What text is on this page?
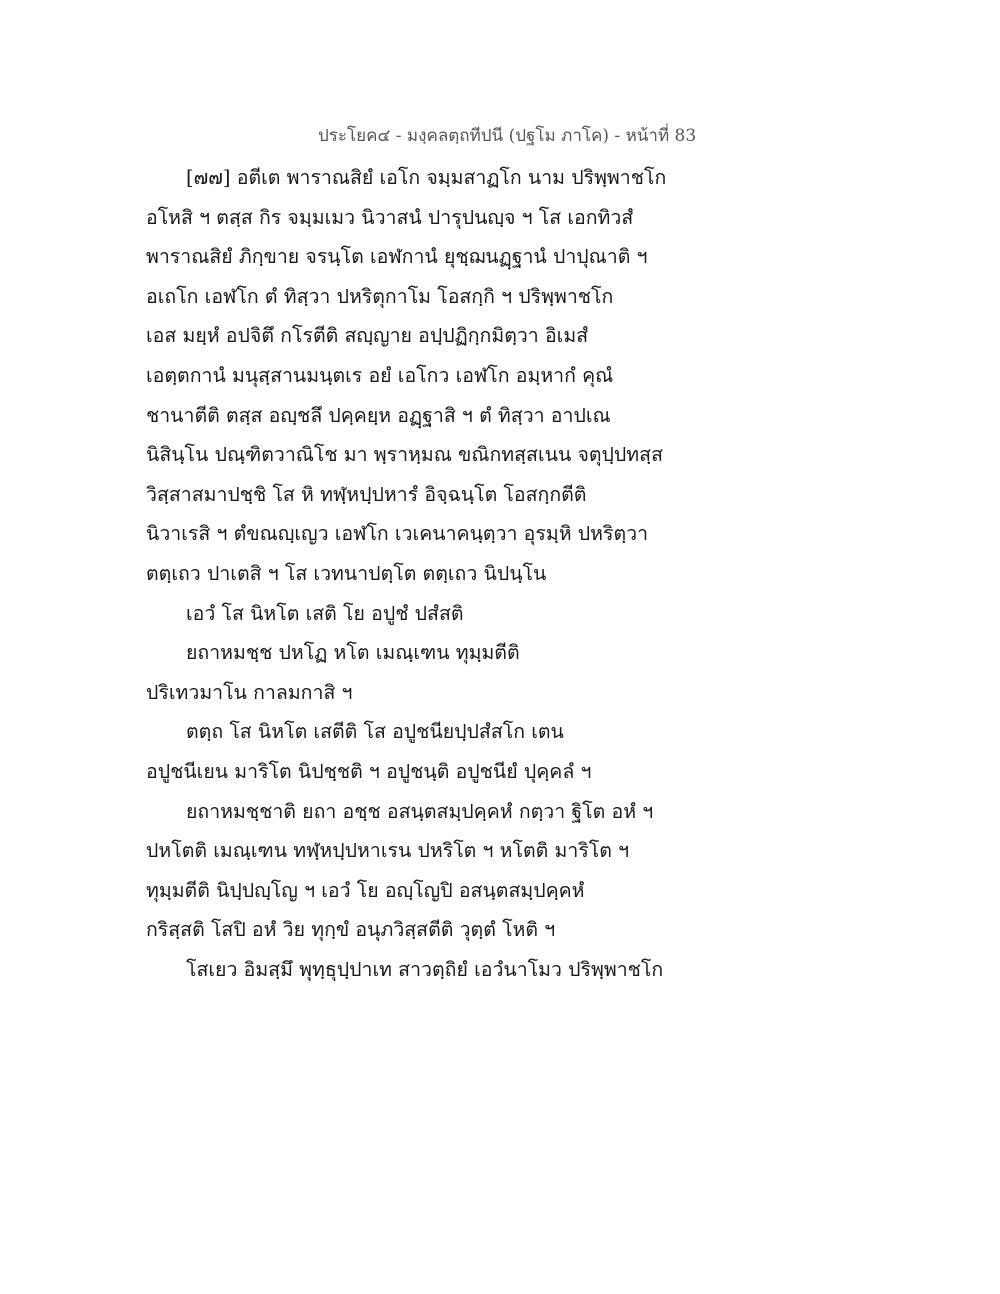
ประโยค๔ - มงฺคลตฺถทีปนี (ปฐโม ภาโค) - หน้าที่ 83
[๗๗] อตีเต พาราณสิยํ เอโก จมฺมสาฏโก นาม ปริพฺพาชโก
อโหสิ ฯ ตสฺส กิร จมฺมเมว นิวาสนํ ปารุปนญฺจ ฯ โส เอกทิวสํ
พาราณสิยํ ภิกฺขาย จรนฺโต เอฬกานํ ยุชฺฌนฏฺฐานํ ปาปุณาติ ฯ
อเถโก เอฬโก ตํ ทิสฺวา ปหริตุกาโม โอสกฺกิ ฯ ปริพฺพาชโก
เอส มยฺหํ อปจิตึ กโรตีติ สญฺญาย อปฺปฏิกฺกมิตฺวา อิเมสํ
เอตฺตกานํ มนุสฺสานมนฺตเร อยํ เอโกว เอฬโก อมฺหากํ คุณํ
ชานาตีติ ตสฺส อญฺชลึ ปคฺคยฺห อฏฺฐาสิ ฯ ตํ ทิสฺวา อาปเณ
นิสินฺโน ปณฺฑิตวาณิโช มา พฺราหฺมณ ขณิกทสฺสเนน จตุปฺปทสฺส
วิสฺสาสมาปชฺชิ โส หิ ทฬฺหปฺปหารํ อิจฺฉนฺโต โอสกฺกตีติ
นิวาเรสิ ฯ ตํขณญฺเญว เอฬโก เวเคนาคนฺตฺวา อุรมฺหิ ปหริตฺวา
ตตฺเถว ปาเตสิ ฯ โส เวทนาปตฺโต ตตฺเถว นิปนฺโน
เอวํ โส นิหโต เสติ โย อปูชํ ปสํสติ
ยถาหมชฺช ปหโฏ หโต เมณฺเฑน ทุมฺมตีติ
ปริเทวมาโน กาลมกาสิ ฯ
ตตฺถ โส นิหโต เสตีติ โส อปูชนียปฺปสํสโก เตน
อปูชนีเยน มาริโต นิปชฺชติ ฯ อปูชนฺติ อปูชนียํ ปุคฺคลํ ฯ
ยถาหมชฺชาติ ยถา อชฺช อสนฺตสมฺปคฺคหํ กตฺวา ฐิโต อหํ ฯ
ปหโตติ เมณฺเฑน ทฬฺหปฺปหาเรน ปหริโต ฯ หโตติ มาริโต ฯ
ทุมฺมตีติ นิปฺปญฺโญ ฯ เอวํ โย อญฺโญปิ อสนฺตสมฺปคฺคหํ
กริสฺสติ โสปิ อหํ วิย ทุกฺขํ อนุภวิสฺสตีติ วุตฺตํ โหติ ฯ
โสเยว อิมสฺมึ พุทฺธุปฺปาเท สาวตฺถิยํ เอวํนาโมว ปริพฺพาชโก
